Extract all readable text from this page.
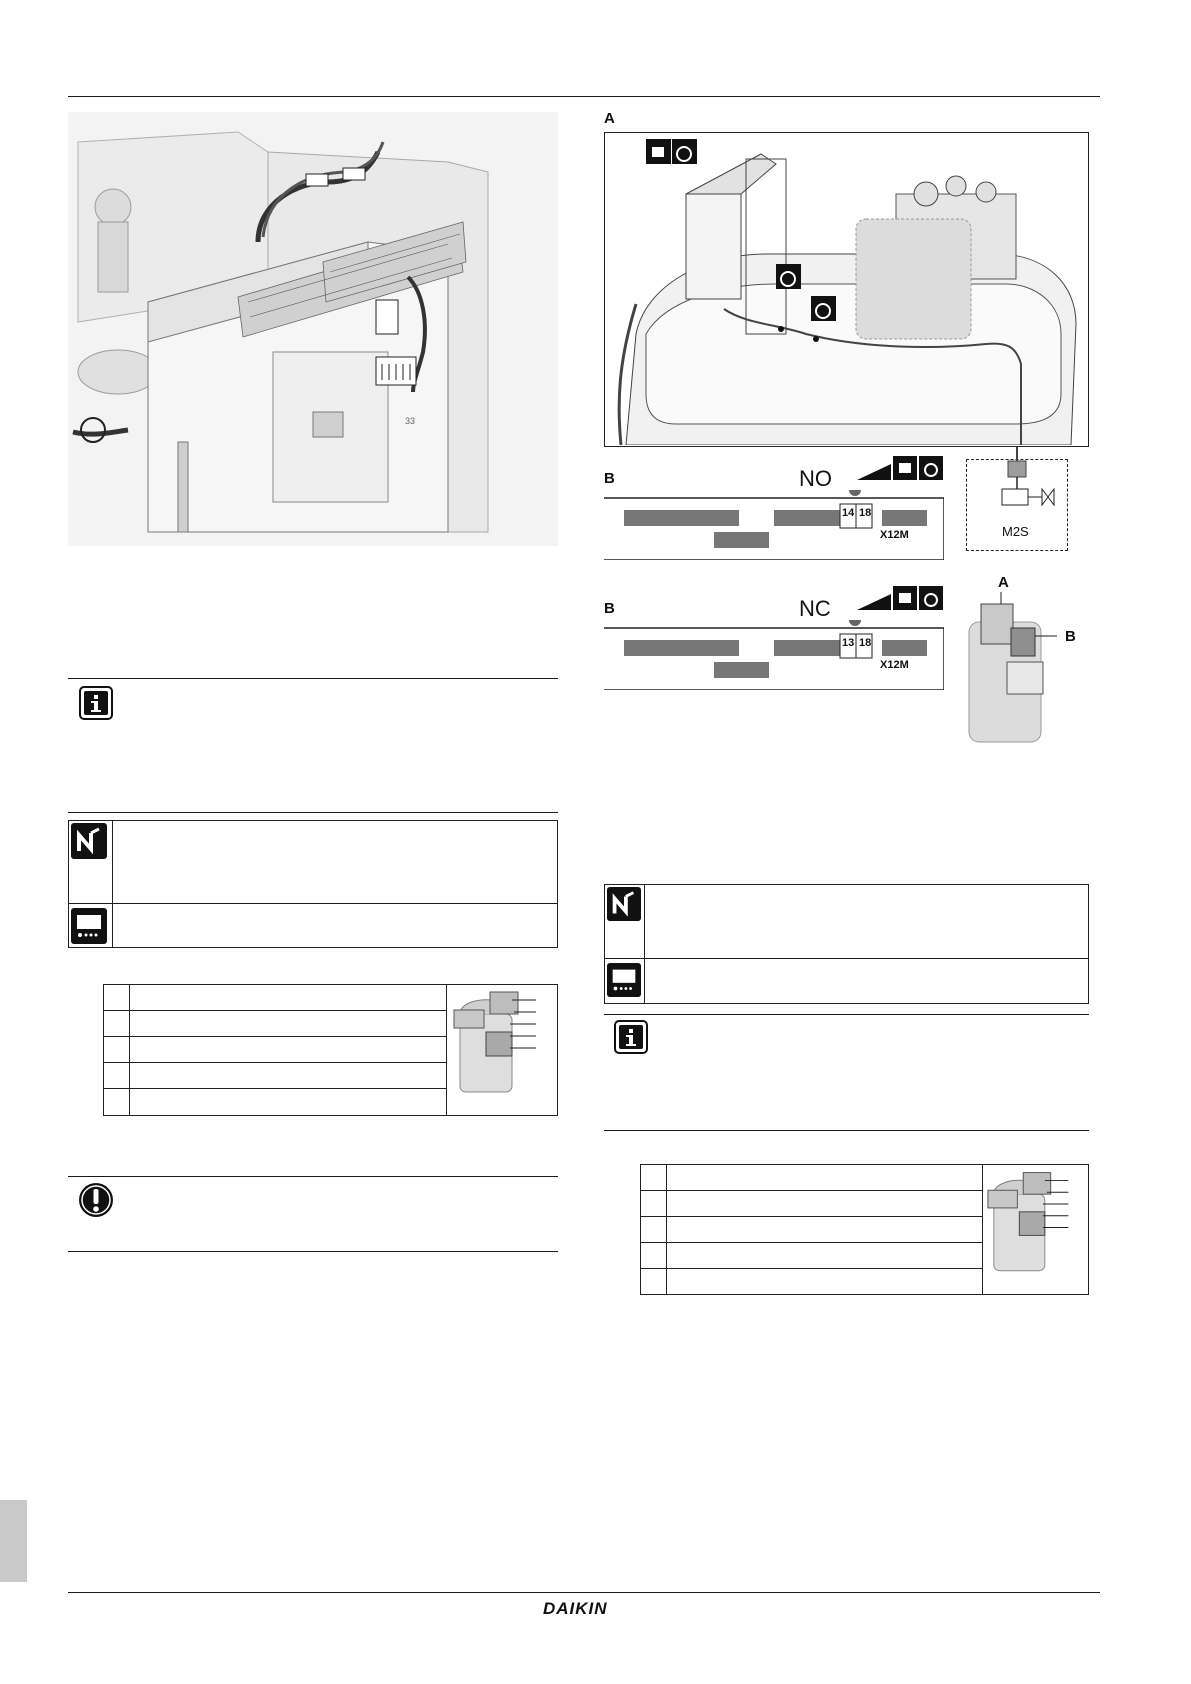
DAIKIN
33
A
M2S
B	NO
14 18
X12M
B	NC
13 18
X12M
A
B
